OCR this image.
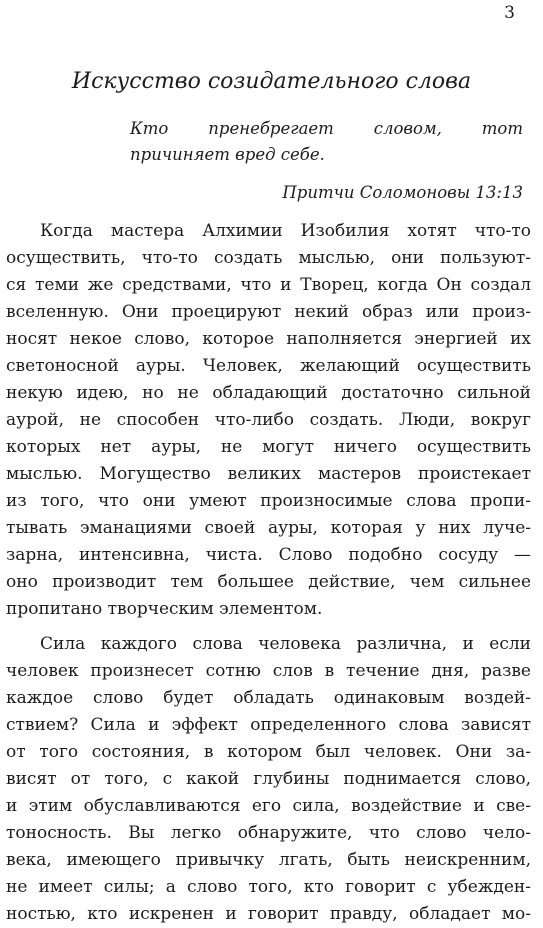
3
Искусство созидательного слова
Кто пренебрегает словом, тот причиняет вред себе.
Притчи Соломоновы 13:13
Когда мастера Алхимии Изобилия хотят что-то
осуществить, что-то создать мыслью, они пользуют-
ся теми же средствами, что и Творец, когда Он создал
вселенную. Они проецируют некий образ или произ-
носят некое слово, которое наполняется энергией их
светоносной ауры. Человек, желающий осуществить
некую идею, но не обладающий достаточно сильной
аурой, не способен что-либо создать. Люди, вокруг
которых нет ауры, не могут ничего осуществить
мыслью. Могущество великих мастеров проистекает
из того, что они умеют произносимые слова пропи-
тывать эманациями своей ауры, которая у них луче-
зарна, интенсивна, чиста. Слово подобно сосуду —
оно производит тем большее действие, чем сильнее
пропитано творческим элементом.
Сила каждого слова человека различна, и если
человек произнесет сотню слов в течение дня, разве
каждое слово будет обладать одинаковым воздей-
ствием? Сила и эффект определенного слова зависят
от того состояния, в котором был человек. Они за-
висят от того, с какой глубины поднимается слово,
и этим обуславливаются его сила, воздействие и све-
тоносность. Вы легко обнаружите, что слово чело-
века, имеющего привычку лгать, быть неискренним,
не имеет силы; а слово того, кто говорит с убежден-
ностью, кто искренен и говорит правду, обладает мо-
